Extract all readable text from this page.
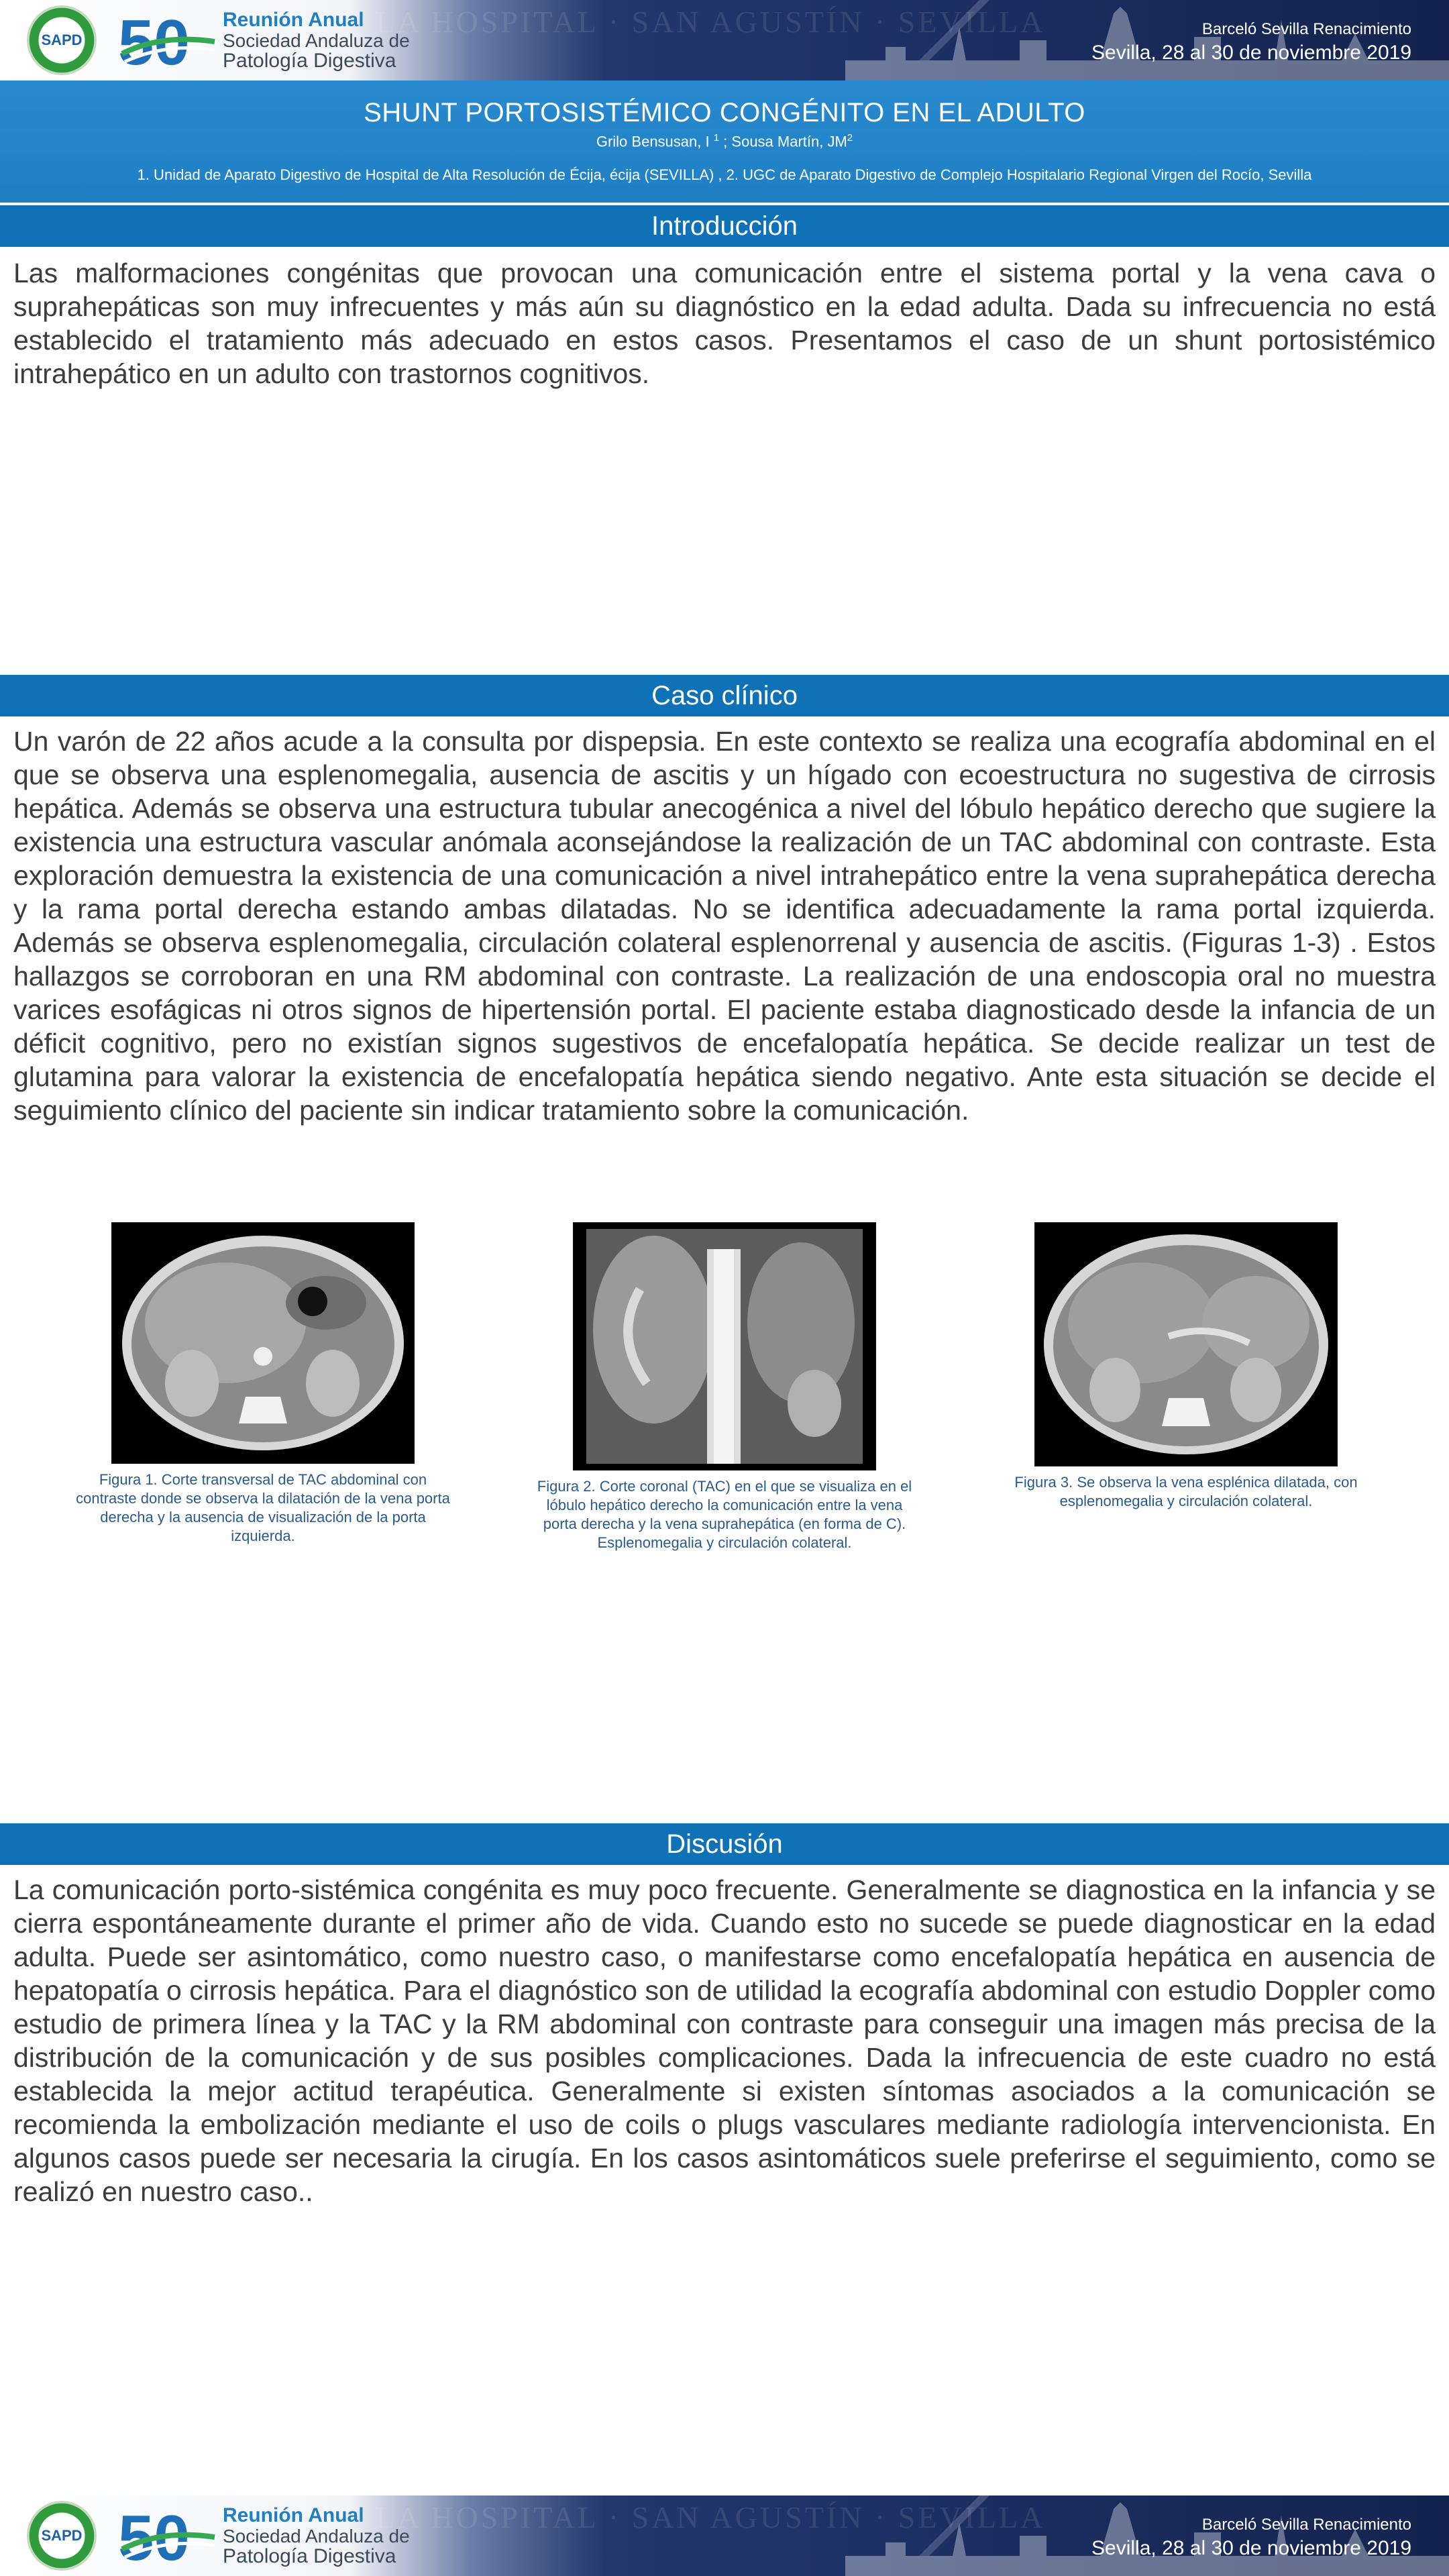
LA HOSPITAL · SAN AGUSTÍN · SEVILLA
SAPD 50 Reunión Anual
Sociedad Andaluza de
Patología Digestiva
Barceló Sevilla Renacimiento
Sevilla, 28 al 30 de noviembre 2019
SHUNT PORTOSISTÉMICO CONGÉNITO EN EL ADULTO
Grilo Bensusan, I $^1$ ; Sousa Martín, $JM^2$
1. Unidad de Aparato Digestivo de Hospital de Alta Resolución de Écija, écija (SEVILLA) , 2. UGC de Aparato Digestivo de Complejo Hospitalario Regional Virgen del Rocío, Sevilla
Introducción
Las malformaciones congénitas que provocan una comunicación entre el sistema portal y la vena cava o suprahepáticas son muy infrecuentes y más aún su diagnóstico en la edad adulta. Dada su infrecuencia no está establecido el tratamiento más adecuado en estos casos. Presentamos el caso de un shunt portosistémico intrahepático en un adulto con trastornos cognitivos.
Caso clínico
Un varón de 22 años acude a la consulta por dispepsia. En este contexto se realiza una ecografía abdominal en el que se observa una esplenomegalia, ausencia de ascitis y un hígado con ecoestructura no sugestiva de cirrosis hepática. Además se observa una estructura tubular anecogénica a nivel del lóbulo hepático derecho que sugiere la existencia una estructura vascular anómala aconsejándose la realización de un TAC abdominal con contraste. Esta exploración demuestra la existencia de una comunicación a nivel intrahepático entre la vena suprahepática derecha y la rama portal derecha estando ambas dilatadas. No se identifica adecuadamente la rama portal izquierda. Además se observa esplenomegalia, circulación colateral esplenorrenal y ausencia de ascitis. (Figuras 1-3) . Estos hallazgos se corroboran en una RM abdominal con contraste. La realización de una endoscopia oral no muestra varices esofágicas ni otros signos de hipertensión portal. El paciente estaba diagnosticado desde la infancia de un déficit cognitivo, pero no existían signos sugestivos de encefalopatía hepática. Se decide realizar un test de glutamina para valorar la existencia de encefalopatía hepática siendo negativo. Ante esta situación se decide el seguimiento clínico del paciente sin indicar tratamiento sobre la comunicación.
Figura 1. Corte transversal de TAC abdominal con contraste donde se observa la dilatación de la vena porta derecha y la ausencia de visualización de la porta izquierda.
Figura 2. Corte coronal (TAC) en el que se visualiza en el lóbulo hepático derecho la comunicación entre la vena porta derecha y la vena suprahepática (en forma de C). Esplenomegalia y circulación colateral.
Figura 3. Se observa la vena esplénica dilatada, con esplenomegalia y circulación colateral.
Discusión
La comunicación porto-sistémica congénita es muy poco frecuente. Generalmente se diagnostica en la infancia y se cierra espontáneamente durante el primer año de vida. Cuando esto no sucede se puede diagnosticar en la edad adulta. Puede ser asintomático, como nuestro caso, o manifestarse como encefalopatía hepática en ausencia de hepatopatía o cirrosis hepática. Para el diagnóstico son de utilidad la ecografía abdominal con estudio Doppler como estudio de primera línea y la TAC y la RM abdominal con contraste para conseguir una imagen más precisa de la distribución de la comunicación y de sus posibles complicaciones. Dada la infrecuencia de este cuadro no está establecida la mejor actitud terapéutica. Generalmente si existen síntomas asociados a la comunicación se recomienda la embolización mediante el uso de coils o plugs vasculares mediante radiología intervencionista. En algunos casos puede ser necesaria la cirugía. En los casos asintomáticos suele preferirse el seguimiento, como se realizó en nuestro caso..
LA HOSPITAL · SAN AGUSTÍN · SEVILLA
SAPD 50 Reunión Anual
Sociedad Andaluza de
Patología Digestiva
Barceló Sevilla Renacimiento
Sevilla, 28 al 30 de noviembre 2019
